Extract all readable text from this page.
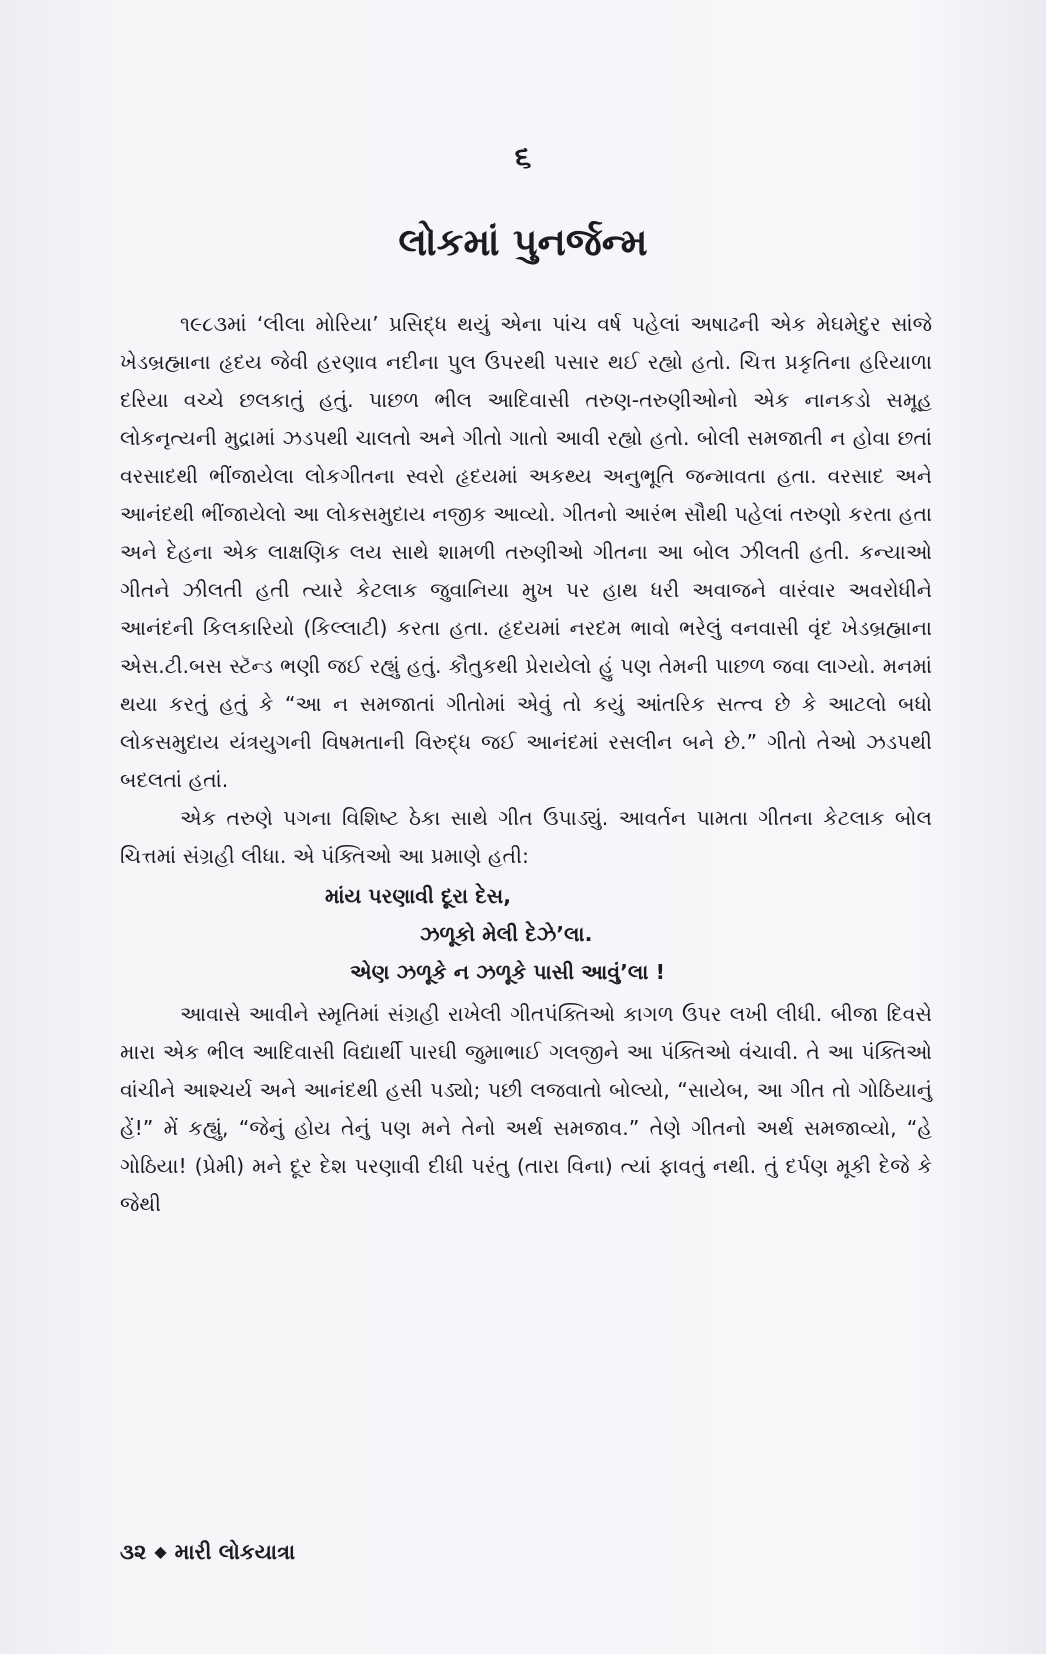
૬
લોકમાં પુનર્જન્મ

૧૯૮૩માં ‘લીલા મોરિયા’ પ્રસિદ્ધ થયું એના પાંચ વર્ષ પહેલાં અષાઢની એક મેઘમેદુર સાંજે ખેડબ્રહ્માના હૃદય જેવી હરણાવ નદીના પુલ ઉપરથી પસાર થઈ રહ્યો હતો. ચિત્ત પ્રકૃતિના હરિયાળા દરિયા વચ્ચે છલકાતું હતું. પાછળ ભીલ આદિવાસી તરુણ-તરુણીઓનો એક નાનકડો સમૂહ લોકનૃત્યની મુદ્રામાં ઝડપથી ચાલતો અને ગીતો ગાતો આવી રહ્યો હતો. બોલી સમજાતી ન હોવા છતાં વરસાદથી ભીંજાયેલા લોકગીતના સ્વરો હૃદયમાં અકથ્ય અનુભૂતિ જન્માવતા હતા. વરસાદ અને આનંદથી ભીંજાયેલો આ લોકસમુદાય નજીક આવ્યો. ગીતનો આરંભ સૌથી પહેલાં તરુણો કરતા હતા અને દેહના એક લાક્ષણિક લય સાથે શામળી તરુણીઓ ગીતના આ બોલ ઝીલતી હતી. કન્યાઓ ગીતને ઝીલતી હતી ત્યારે કેટલાક જુવાનિયા મુખ પર હાથ ધરી અવાજને વારંવાર અવરોધીને આનંદની કિલકારિયો (કિલ્લાટી) કરતા હતા. હૃદયમાં નરદમ ભાવો ભરેલું વનવાસી વૃંદ ખેડબ્રહ્માના એસ.ટી.બસ સ્ટૅન્ડ ભણી જઈ રહ્યું હતું. કૌતુકથી પ્રેરાયેલો હું પણ તેમની પાછળ જવા લાગ્યો. મનમાં થયા કરતું હતું કે “આ ન સમજાતાં ગીતોમાં એવું તો કયું આંતરિક સત્ત્વ છે કે આટલો બધો લોકસમુદાય યંત્રયુગની વિષમતાની વિરુદ્ધ જઈ આનંદમાં રસલીન બને છે.” ગીતો તેઓ ઝડપથી બદલતાં હતાં.

એક તરુણે પગના વિશિષ્ટ ઠેકા સાથે ગીત ઉપાડ્યું. આવર્તન પામતા ગીતના કેટલાક બોલ ચિત્તમાં સંગ્રહી લીધા. એ પંક્તિઓ આ પ્રમાણે હતી:

માંય પરણાવી દૂરા દેસ,

ઝળૂકો મેલી દેઝે’લા.

એણ ઝળૂકે ન ઝળૂકે પાસી આવું’લા !

આવાસે આવીને સ્મૃતિમાં સંગ્રહી રાખેલી ગીતપંક્તિઓ કાગળ ઉપર લખી લીધી. બીજા દિવસે મારા એક ભીલ આદિવાસી વિદ્યાર્થી પારઘી જુમાભાઈ ગલજીને આ પંક્તિઓ વંચાવી. તે આ પંક્તિઓ વાંચીને આશ્ચર્ય અને આનંદથી હસી પડ્યો; પછી લજવાતો બોલ્યો, “સાયેબ, આ ગીત તો ગોઠિયાનું હેં!” મેં કહ્યું, “જેનું હોય તેનું પણ મને તેનો અર્થ સમજાવ.” તેણે ગીતનો અર્થ સમજાવ્યો, “હે ગોઠિયા! (પ્રેમી) મને દૂર દેશ પરણાવી દીધી પરંતુ (તારા વિના) ત્યાં ફાવતું નથી. તું દર્પણ મૂકી દેજે કે જેથી

૩૨ ◆ મારી લોકયાત્રા
